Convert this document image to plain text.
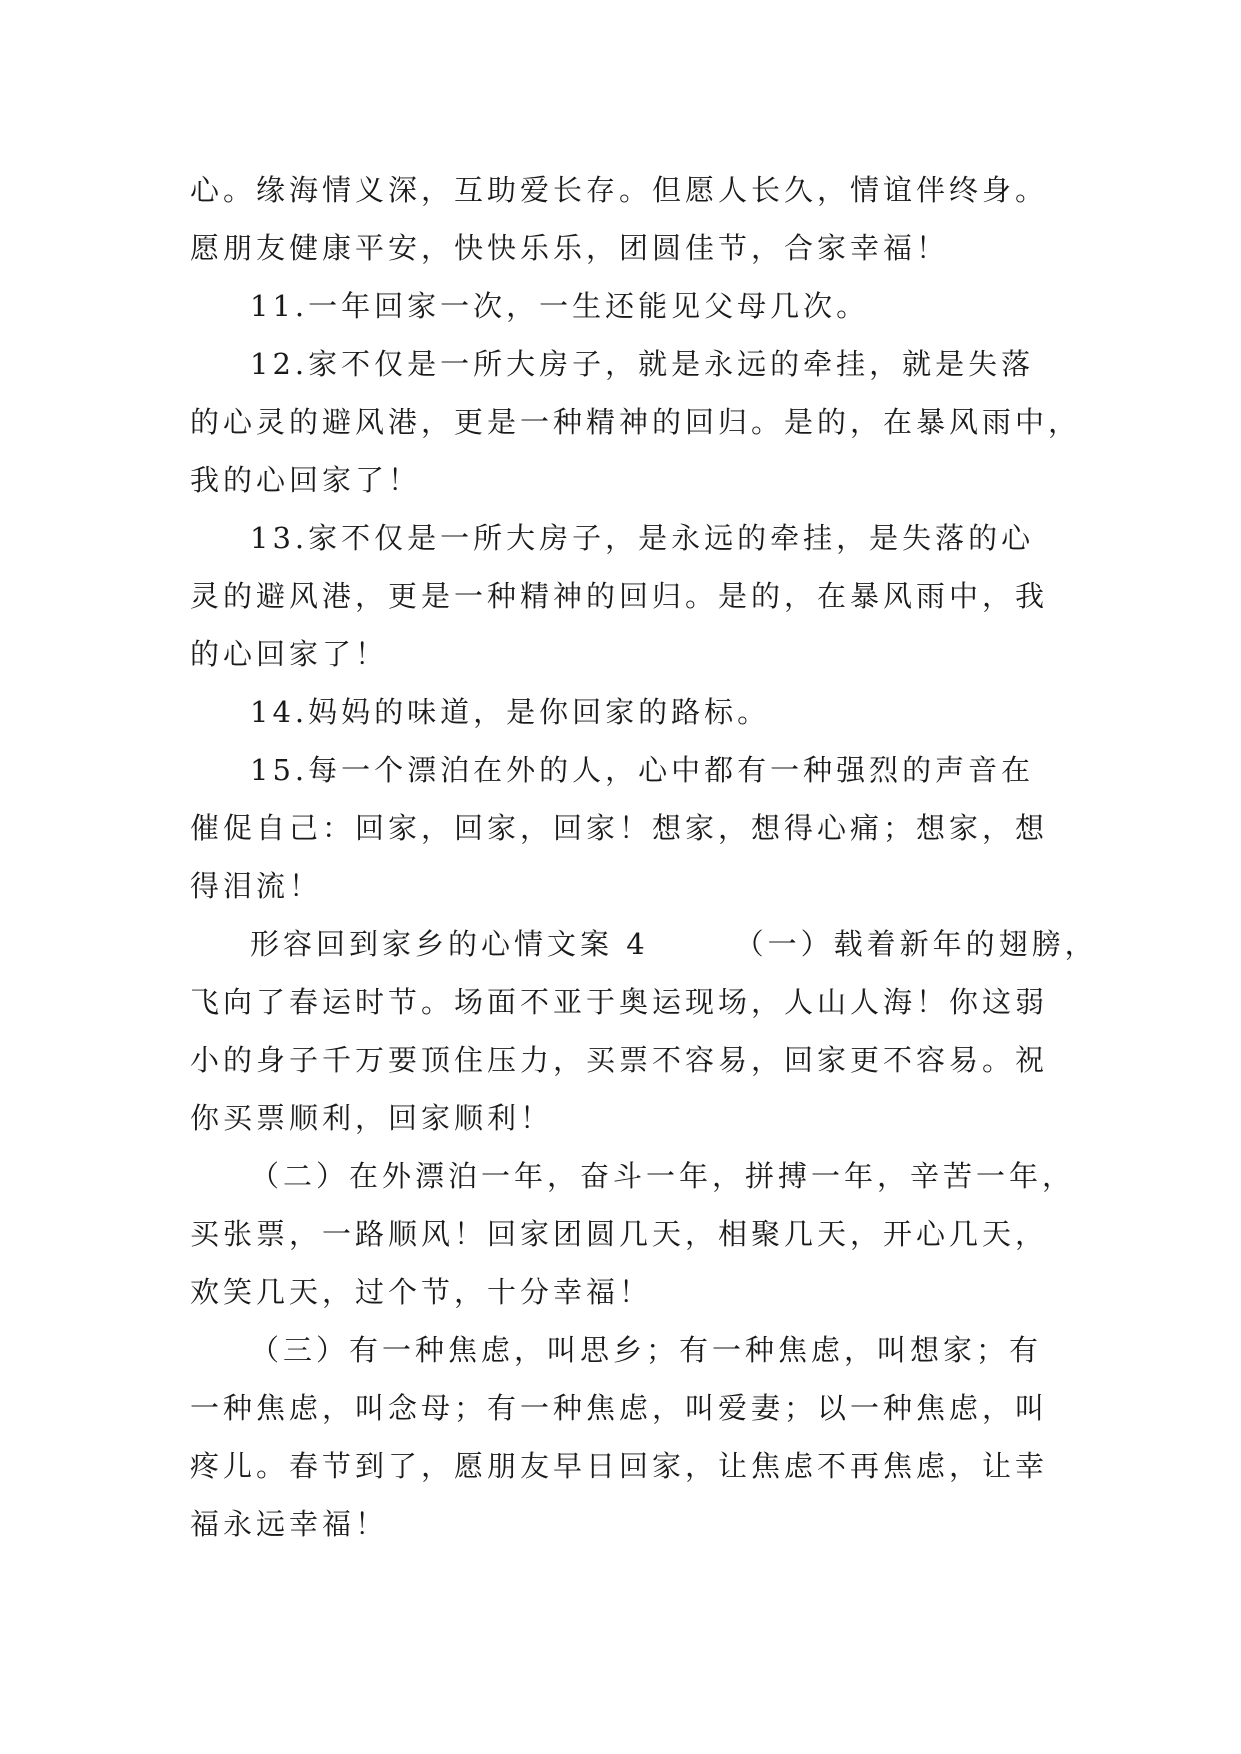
心。缘海情义深，互助爱长存。但愿人长久，情谊伴终身。
愿朋友健康平安，快快乐乐，团圆佳节，合家幸福！
11.一年回家一次，一生还能见父母几次。
12.家不仅是一所大房子，就是永远的牵挂，就是失落
的心灵的避风港，更是一种精神的回归。是的，在暴风雨中，
我的心回家了！
13.家不仅是一所大房子，是永远的牵挂，是失落的心
灵的避风港，更是一种精神的回归。是的，在暴风雨中，我
的心回家了！
14.妈妈的味道，是你回家的路标。
15.每一个漂泊在外的人，心中都有一种强烈的声音在
催促自己：回家，回家，回家！想家，想得心痛；想家，想
得泪流！
形容回到家乡的心情文案 4	（一）载着新年的翅膀，
飞向了春运时节。场面不亚于奥运现场，人山人海！你这弱
小的身子千万要顶住压力，买票不容易，回家更不容易。祝
你买票顺利，回家顺利！
（二）在外漂泊一年，奋斗一年，拼搏一年，辛苦一年，
买张票，一路顺风！回家团圆几天，相聚几天，开心几天，
欢笑几天，过个节，十分幸福！
（三）有一种焦虑，叫思乡；有一种焦虑，叫想家；有
一种焦虑，叫念母；有一种焦虑，叫爱妻；以一种焦虑，叫
疼儿。春节到了，愿朋友早日回家，让焦虑不再焦虑，让幸
福永远幸福！
